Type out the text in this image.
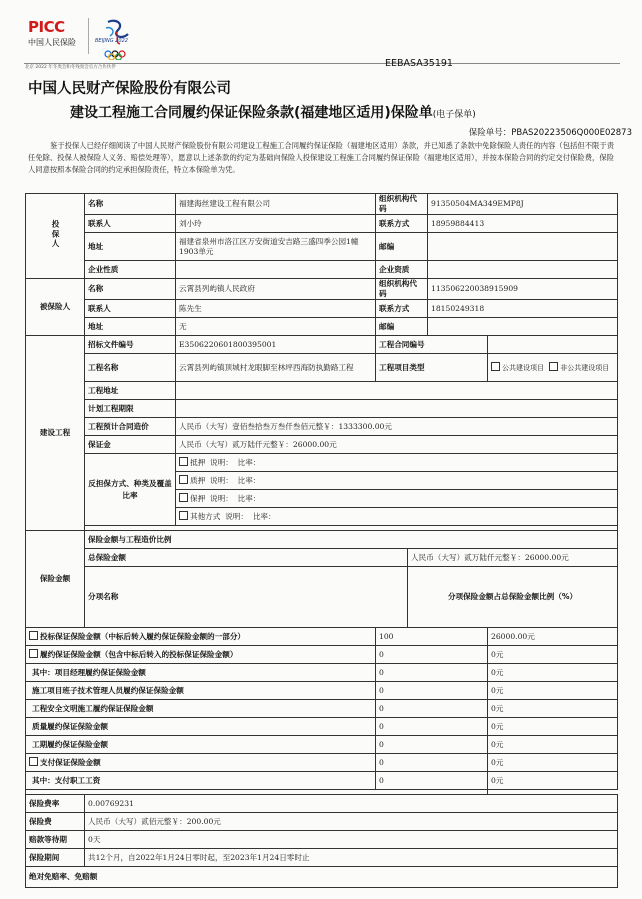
PICC
中国人民保险	BEIJING 2022
北京 2022 年冬奥会和冬残奥会官方合作伙伴	EEBASA35191
中国人民财产保险股份有限公司
建设工程施工合同履约保证保险条款(福建地区适用)保险单(电子保单)
保险单号：PBAS20223506Q000E02873
鉴于投保人已经仔细阅读了中国人民财产保险股份有限公司建设工程施工合同履约保证保险（福建地区适用）条款，并已知悉了条款中免除保险人责任的内容（包括但不限于责任免除、投保人被保险人义务、赔偿处理等），愿意以上述条款的约定为基础向保险人投保建设工程施工合同履约保证保险（福建地区适用），并按本保险合同的约定交付保险费，保险人同意按照本保险合同的约定承担保险责任，特立本保险单为凭。
投保人	名称	福建海丝建设工程有限公司	组织机构代码		91350504MA349EMP8J		
	联系人	刘小玲	联系方式		18959884413		
	地址	福建省泉州市洛江区万安街道安吉路三盛四季公园1幢1903单元	邮编				
	企业性质		企业资质				
被保险人	名称	云霄县列屿镇人民政府	组织机构代码		113506220038915909		
	联系人	陈先生	联系方式		18150249318		
	地址	无	邮编				
建设工程	招标文件编号	E3506220601800395001	工程合同编号				
	工程名称	云霄县列屿镇顶城村龙眼脚至林坪西海防执勤路工程	工程项目类型			公共建设项目 非公共建设项目	
	工程地址						
	计划工程期限						
	工程预计合同造价	人民币（大写）壹佰叁拾叁万叁仟叁佰元整￥：1333300.00元					
	保证金	人民币（大写）贰万陆仟元整￥：26000.00元					
	反担保方式、种类及覆盖比率	抵押 说明： 比率：					
		质押 说明： 比率：					
		保押 说明： 比率：					
		其他方式 说明： 比率：					

保险金额	保险金额与工程造价比例						
	总保险金额			人民币（大写）贰万陆仟元整￥：26000.00元			
	分项名称			分项保险金额占总保险金额比例（%）	
投标保证保险金额（中标后转入履约保证保险金额的一部分）			100			26000.00元	
履约保证保险金额（包含中标后转入的投标保证保险金额）			0			0元	
其中：项目经理履约保证保险金额			0			0元	
施工项目班子技术管理人员履约保证保险金额			0			0元	
工程安全文明施工履约保证保险金额			0			0元	
质量履约保证保险金额			0			0元	
工期履约保证保险金额			0			0元	
支付保证保险金额			0			0元	
其中：支付职工工资			0			0元	

保险费率	0.00769231						
保险费	人民币（大写）贰佰元整￥：200.00元						
赔款等待期	0天						
保险期间	共12个月，自2022年1月24日零时起，至2023年1月24日零时止						
绝对免赔率、免赔额							
